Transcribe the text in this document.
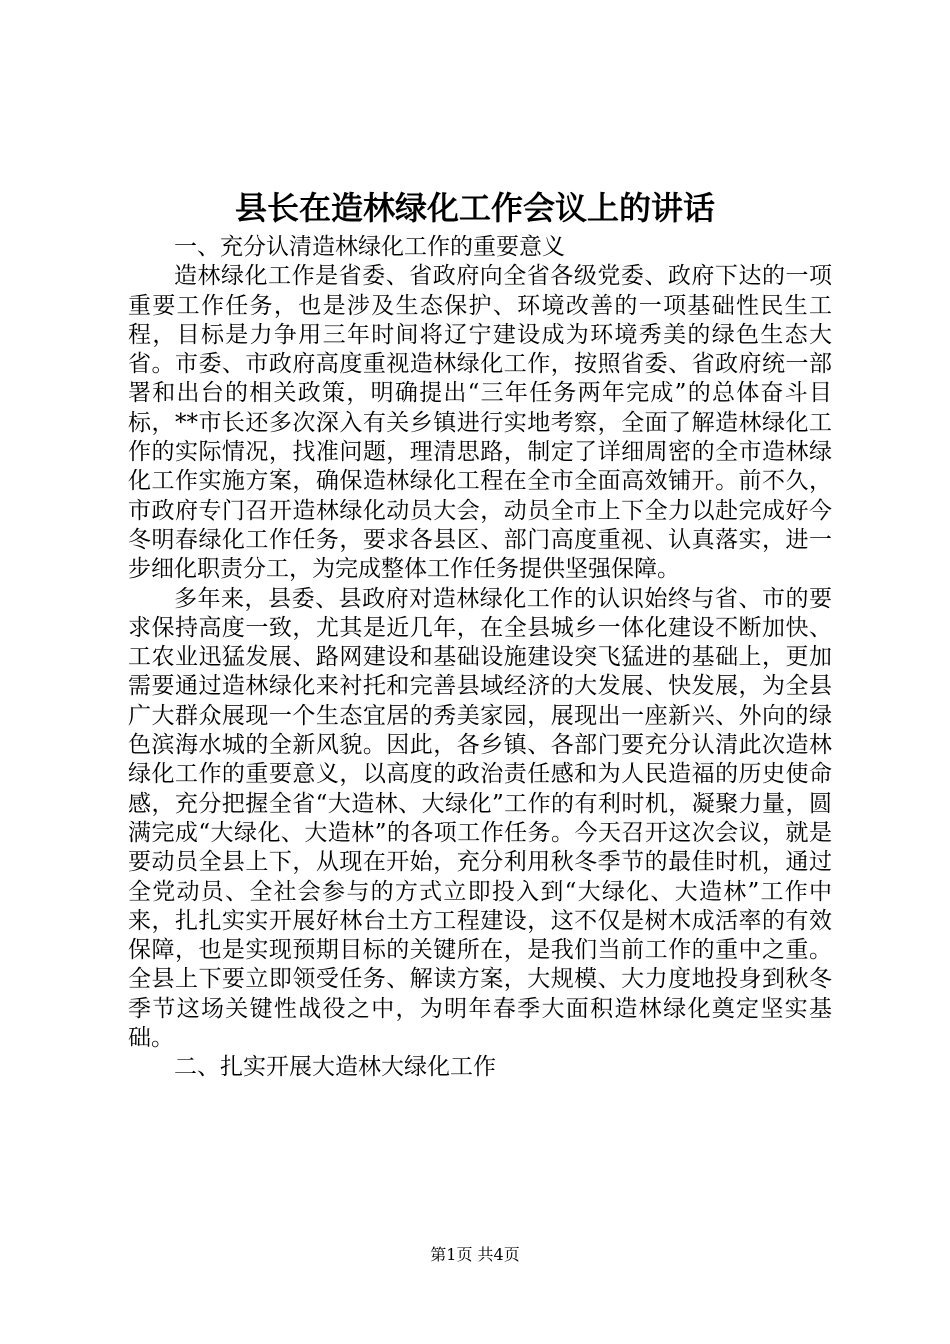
县长在造林绿化工作会议上的讲话

一、充分认清造林绿化工作的重要意义

造林绿化工作是省委、省政府向全省各级党委、政府下达的一项重要工作任务，也是涉及生态保护、环境改善的一项基础性民生工程，目标是力争用三年时间将辽宁建设成为环境秀美的绿色生态大省。市委、市政府高度重视造林绿化工作，按照省委、省政府统一部署和出台的相关政策，明确提出“三年任务两年完成”的总体奋斗目标，**市长还多次深入有关乡镇进行实地考察，全面了解造林绿化工作的实际情况，找准问题，理清思路，制定了详细周密的全市造林绿化工作实施方案，确保造林绿化工程在全市全面高效铺开。前不久，市政府专门召开造林绿化动员大会，动员全市上下全力以赴完成好今冬明春绿化工作任务，要求各县区、部门高度重视、认真落实，进一步细化职责分工，为完成整体工作任务提供坚强保障。

多年来，县委、县政府对造林绿化工作的认识始终与省、市的要求保持高度一致，尤其是近几年，在全县城乡一体化建设不断加快、工农业迅猛发展、路网建设和基础设施建设突飞猛进的基础上，更加需要通过造林绿化来衬托和完善县域经济的大发展、快发展，为全县广大群众展现一个生态宜居的秀美家园，展现出一座新兴、外向的绿色滨海水城的全新风貌。因此，各乡镇、各部门要充分认清此次造林绿化工作的重要意义，以高度的政治责任感和为人民造福的历史使命感，充分把握全省“大造林、大绿化”工作的有利时机，凝聚力量，圆满完成“大绿化、大造林”的各项工作任务。今天召开这次会议，就是要动员全县上下，从现在开始，充分利用秋冬季节的最佳时机，通过全党动员、全社会参与的方式立即投入到“大绿化、大造林”工作中来，扎扎实实开展好林台土方工程建设，这不仅是树木成活率的有效保障，也是实现预期目标的关键所在，是我们当前工作的重中之重。全县上下要立即领受任务、解读方案，大规模、大力度地投身到秋冬季节这场关键性战役之中，为明年春季大面积造林绿化奠定坚实基础。

二、扎实开展大造林大绿化工作

第1页 共4页
